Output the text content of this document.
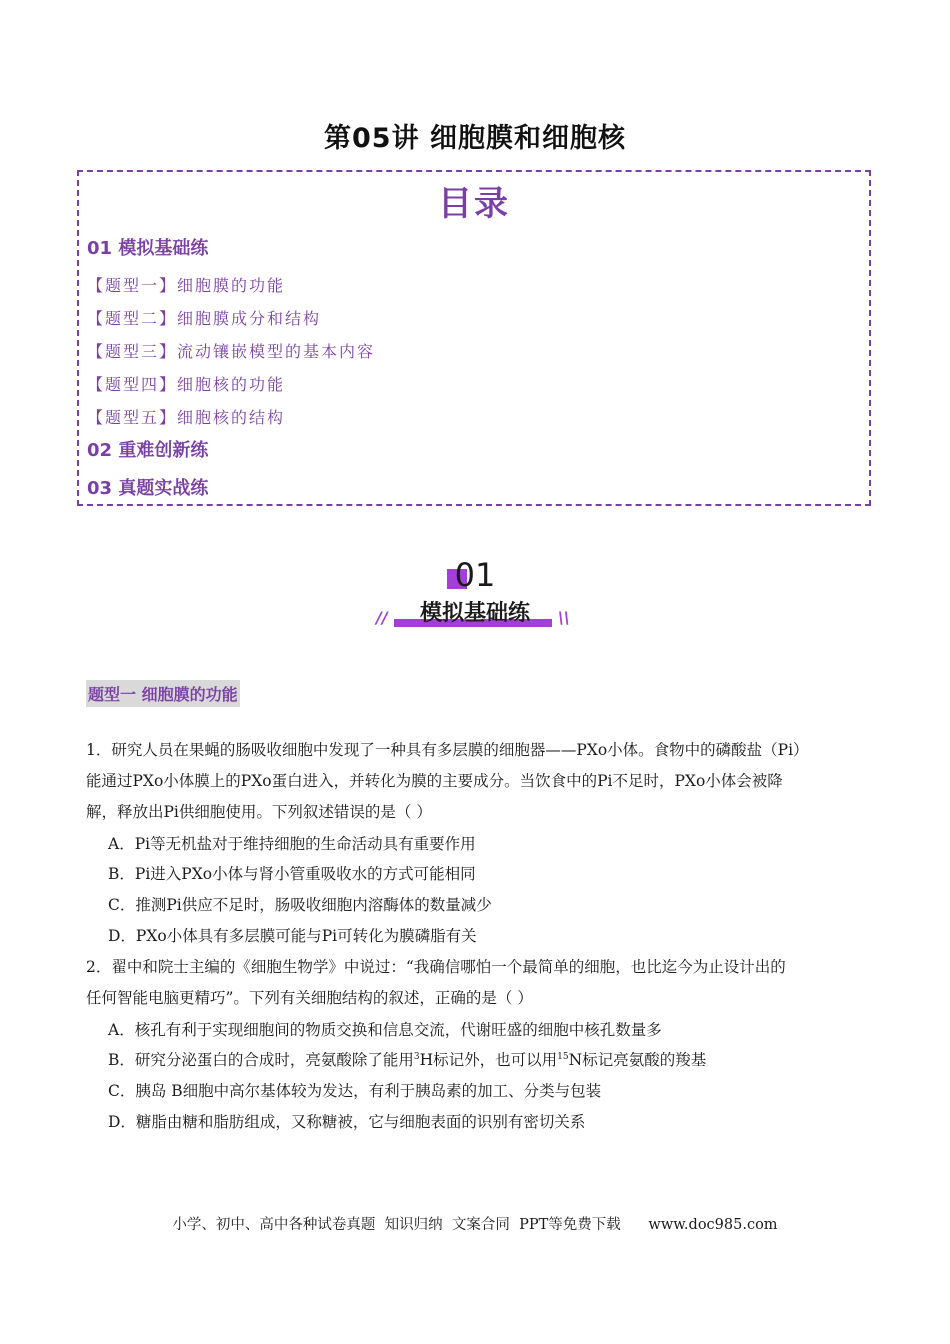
第05讲 细胞膜和细胞核
目录
01 模拟基础练
【题型一】细胞膜的功能
【题型二】细胞膜成分和结构
【题型三】流动镶嵌模型的基本内容
【题型四】细胞核的功能
【题型五】细胞核的结构
02 重难创新练
03 真题实战练
01
模拟基础练
//	\\
题型一 细胞膜的功能
1．研究人员在果蝇的肠吸收细胞中发现了一种具有多层膜的细胞器——PXo小体。食物中的磷酸盐（Pi）
能通过PXo小体膜上的PXo蛋白进入，并转化为膜的主要成分。当饮食中的Pi不足时，PXo小体会被降
解，释放出Pi供细胞使用。下列叙述错误的是（ ）
A．Pi等无机盐对于维持细胞的生命活动具有重要作用
B．Pi进入PXo小体与肾小管重吸收水的方式可能相同
C．推测Pi供应不足时，肠吸收细胞内溶酶体的数量减少
D．PXo小体具有多层膜可能与Pi可转化为膜磷脂有关
2．翟中和院士主编的《细胞生物学》中说过：“我确信哪怕一个最简单的细胞，也比迄今为止设计出的
任何智能电脑更精巧”。下列有关细胞结构的叙述，正确的是（ ）
A．核孔有利于实现细胞间的物质交换和信息交流，代谢旺盛的细胞中核孔数量多
B．研究分泌蛋白的合成时，亮氨酸除了能用$^3$H标记外，也可以用$^{15}$N标记亮氨酸的羧基
C．胰岛 B细胞中高尔基体较为发达，有利于胰岛素的加工、分类与包装
D．糖脂由糖和脂肪组成，又称糖被，它与细胞表面的识别有密切关系
小学、初中、高中各种试卷真题  知识归纳  文案合同  PPT等免费下载      www.doc985.com
